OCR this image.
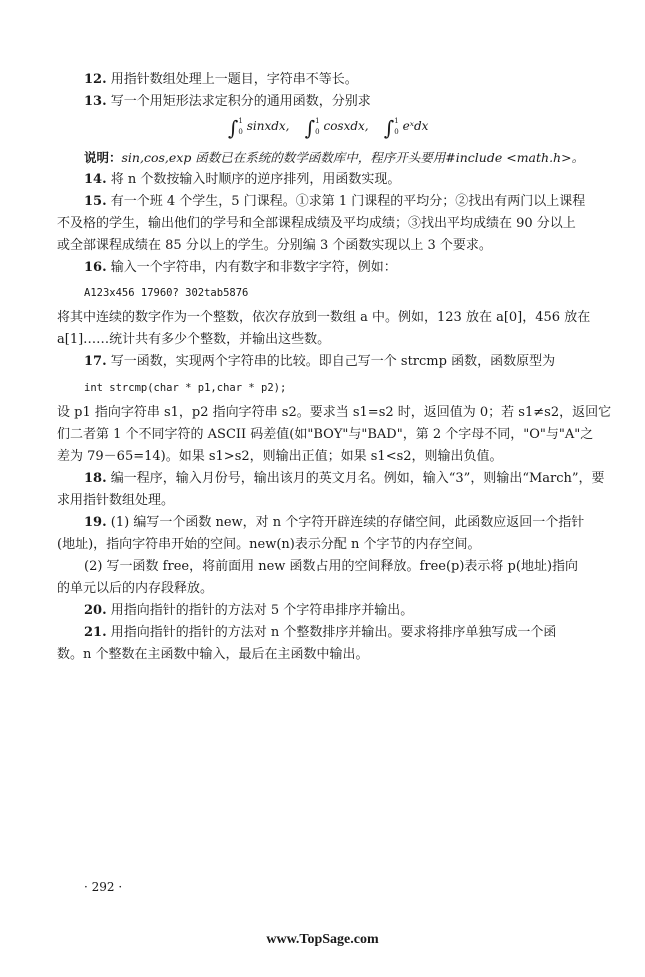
12. 用指针数组处理上一题目，字符串不等长。
13. 写一个用矩形法求定积分的通用函数，分别求
∫1
0 sinxdx, ∫1
0 cosxdx, ∫1
0 eˣdx
说明：sin,cos,exp 函数已在系统的数学函数库中，程序开头要用#include <math.h>。
14. 将 n 个数按输入时顺序的逆序排列，用函数实现。
15. 有一个班 4 个学生，5 门课程。①求第 1 门课程的平均分；②找出有两门以上课程
不及格的学生，输出他们的学号和全部课程成绩及平均成绩；③找出平均成绩在 90 分以上
或全部课程成绩在 85 分以上的学生。分别编 3 个函数实现以上 3 个要求。
16. 输入一个字符串，内有数字和非数字字符，例如：
A123x456 17960? 302tab5876
将其中连续的数字作为一个整数，依次存放到一数组 a 中。例如，123 放在 a[0]，456 放在
a[1]……统计共有多少个整数，并输出这些数。
17. 写一函数，实现两个字符串的比较。即自己写一个 strcmp 函数，函数原型为
int strcmp(char * p1,char * p2);
设 p1 指向字符串 s1，p2 指向字符串 s2。要求当 s1=s2 时，返回值为 0；若 s1≠s2，返回它
们二者第 1 个不同字符的 ASCII 码差值(如"BOY"与"BAD"，第 2 个字母不同，"O"与"A"之
差为 79－65=14)。如果 s1>s2，则输出正值；如果 s1<s2，则输出负值。
18. 编一程序，输入月份号，输出该月的英文月名。例如，输入“3”，则输出“March”，要
求用指针数组处理。
19. (1) 编写一个函数 new，对 n 个字符开辟连续的存储空间，此函数应返回一个指针
(地址)，指向字符串开始的空间。new(n)表示分配 n 个字节的内存空间。
(2) 写一函数 free，将前面用 new 函数占用的空间释放。free(p)表示将 p(地址)指向
的单元以后的内存段释放。
20. 用指向指针的指针的方法对 5 个字符串排序并输出。
21. 用指向指针的指针的方法对 n 个整数排序并输出。要求将排序单独写成一个函
数。n 个整数在主函数中输入，最后在主函数中输出。
· 292 ·
www.TopSage.com
